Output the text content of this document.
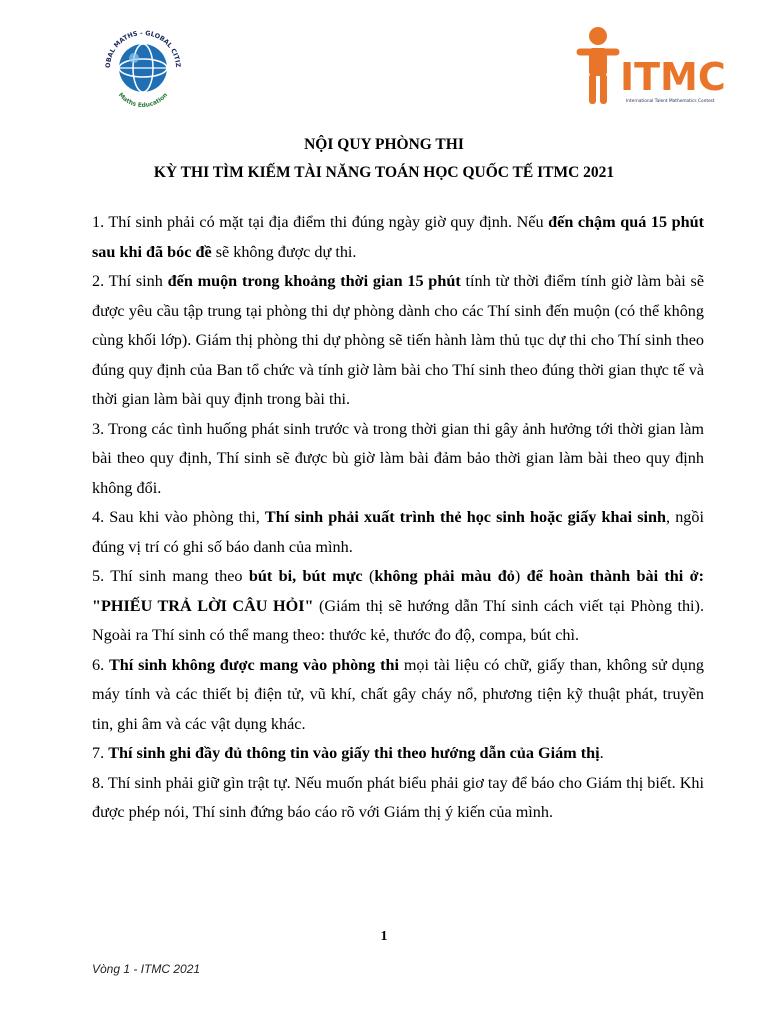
OBAL MATHS - GLOBAL CITIZ
Maths Education	ITMC
International Talent Mathematics Contest
NỘI QUY PHÒNG THI
KỲ THI TÌM KIẾM TÀI NĂNG TOÁN HỌC QUỐC TẾ ITMC 2021

1. Thí sinh phải có mặt tại địa điểm thi đúng ngày giờ quy định. Nếu đến chậm quá 15 phút sau khi đã bóc đề sẽ không được dự thi.

2. Thí sinh đến muộn trong khoảng thời gian 15 phút tính từ thời điểm tính giờ làm bài sẽ được yêu cầu tập trung tại phòng thi dự phòng dành cho các Thí sinh đến muộn (có thể không cùng khối lớp). Giám thị phòng thi dự phòng sẽ tiến hành làm thủ tục dự thi cho Thí sinh theo đúng quy định của Ban tổ chức và tính giờ làm bài cho Thí sinh theo đúng thời gian thực tế và thời gian làm bài quy định trong bài thi.

3. Trong các tình huống phát sinh trước và trong thời gian thi gây ảnh hưởng tới thời gian làm bài theo quy định, Thí sinh sẽ được bù giờ làm bài đảm bảo thời gian làm bài theo quy định không đổi.

4. Sau khi vào phòng thi, Thí sinh phải xuất trình thẻ học sinh hoặc giấy khai sinh, ngồi đúng vị trí có ghi số báo danh của mình.

5. Thí sinh mang theo bút bi, bút mực (không phải màu đỏ) để hoàn thành bài thi ở: "PHIẾU TRẢ LỜI CÂU HỎI" (Giám thị sẽ hướng dẫn Thí sinh cách viết tại Phòng thi). Ngoài ra Thí sinh có thể mang theo: thước kẻ, thước đo độ, compa, bút chì.

6. Thí sinh không được mang vào phòng thi mọi tài liệu có chữ, giấy than, không sử dụng máy tính và các thiết bị điện tử, vũ khí, chất gây cháy nổ, phương tiện kỹ thuật phát, truyền tin, ghi âm và các vật dụng khác.

7. Thí sinh ghi đầy đủ thông tin vào giấy thi theo hướng dẫn của Giám thị.

8. Thí sinh phải giữ gìn trật tự. Nếu muốn phát biểu phải giơ tay để báo cho Giám thị biết. Khi được phép nói, Thí sinh đứng báo cáo rõ với Giám thị ý kiến của mình.

1
Vòng 1 - ITMC 2021
